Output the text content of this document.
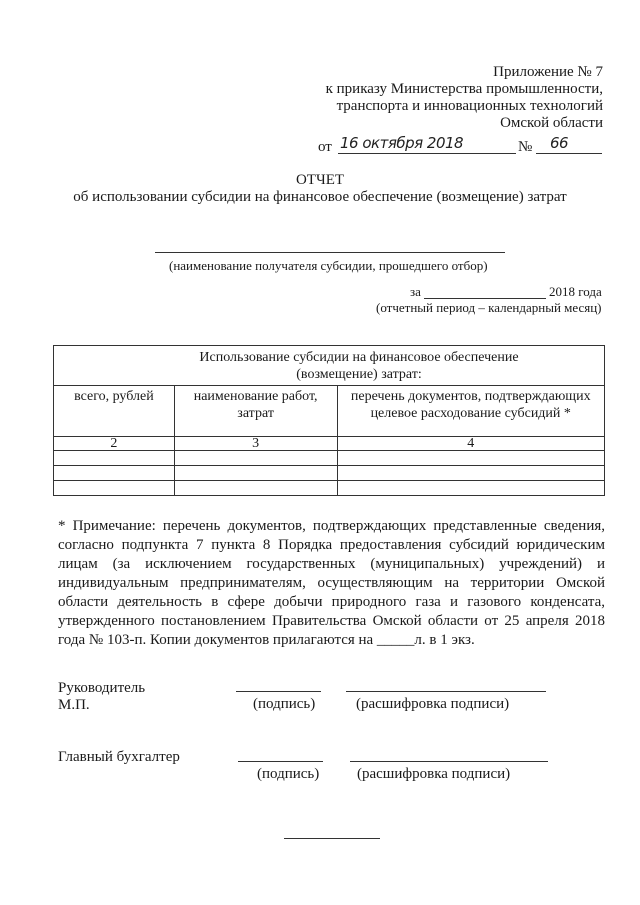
Приложение № 7
к приказу Министерства промышленности,
транспорта и инновационных технологий
Омской области
от 16 октября 2018	№ 66
ОТЧЕТ
об использовании субсидии на финансовое обеспечение (возмещение) затрат
(наименование получателя субсидии, прошедшего отбор)
за	2018 года
(отчетный период – календарный месяц)
Использование субсидии на финансовое обеспечение (возмещение) затрат:		

всего, рублей	наименование работ, затрат	перечень документов, подтверждающих целевое расходование субсидий *
2	3	4

* Примечание: перечень документов, подтверждающих представленные сведения, согласно подпункта 7 пункта 8 Порядка предоставления субсидий юридическим лицам (за исключением государственных (муниципальных) учреждений) и индивидуальным предпринимателям, осуществляющим на территории Омской области деятельность в сфере добычи природного газа и газового конденсата, утвержденного постановлением Правительства Омской области от 25 апреля 2018 года № 103-п. Копии документов прилагаются на _____л. в 1 экз.
Руководитель
М.П.	(подпись)	(расшифровка подписи)
Главный бухгалтер
(подпись)	(расшифровка подписи)
